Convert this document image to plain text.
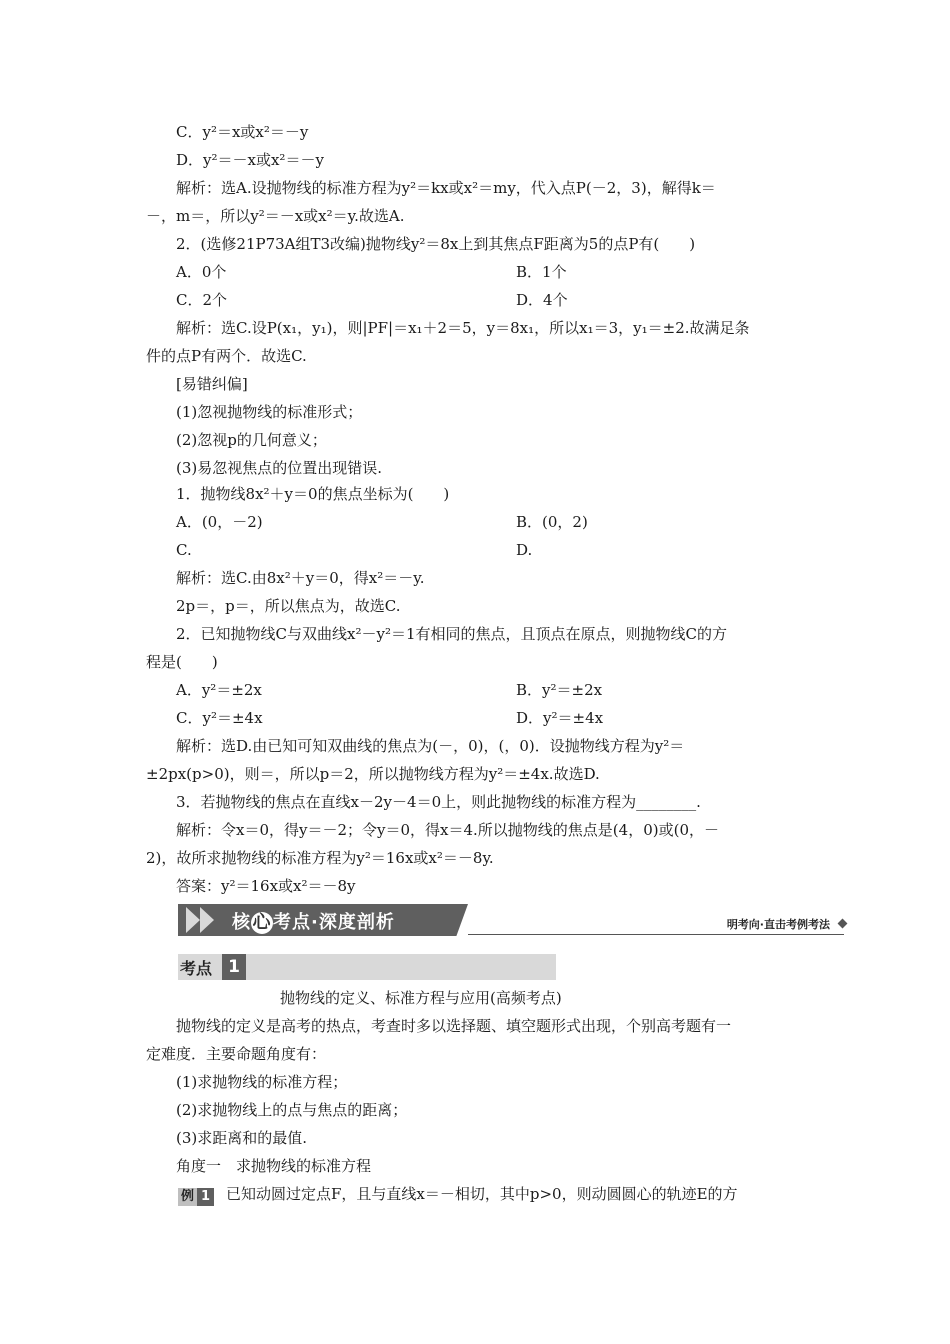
C．y²＝x或x²＝－y
D．y²＝－x或x²＝－y
解析：选A.设抛物线的标准方程为y²＝kx或x²＝my，代入点P(－2，3)，解得k＝
－，m＝，所以y²＝－x或x²＝y.故选A.
2．(选修21P73A组T3改编)抛物线y²＝8x上到其焦点F距离为5的点P有(　　)
A．0个	B．1个
C．2个	D．4个
解析：选C.设P(x₁，y₁)，则|PF|＝x₁＋2＝5，y＝8x₁，所以x₁＝3，y₁＝±2.故满足条
件的点P有两个．故选C.
[易错纠偏]
(1)忽视抛物线的标准形式；
(2)忽视p的几何意义；
(3)易忽视焦点的位置出现错误.
1．抛物线8x²＋y＝0的焦点坐标为(　　)
A．(0，－2)	B．(0，2)
C.	D.
解析：选C.由8x²＋y＝0，得x²＝－y.
2p＝，p＝，所以焦点为，故选C.
2．已知抛物线C与双曲线x²－y²＝1有相同的焦点，且顶点在原点，则抛物线C的方
程是(　　)
A．y²＝±2x	B．y²＝±2x
C．y²＝±4x	D．y²＝±4x
解析：选D.由已知可知双曲线的焦点为(－，0)，(，0)．设抛物线方程为y²＝
±2px(p>0)，则＝，所以p＝2，所以抛物线方程为y²＝±4x.故选D.
3．若抛物线的焦点在直线x－2y－4＝0上，则此抛物线的标准方程为________.
解析：令x＝0，得y＝－2；令y＝0，得x＝4.所以抛物线的焦点是(4，0)或(0，－
2)，故所求抛物线的标准方程为y²＝16x或x²＝－8y.
答案：y²＝16x或x²＝－8y
核心考点·深度剖析	明考向·直击考例考法
考点 1
抛物线的定义、标准方程与应用(高频考点)
抛物线的定义是高考的热点，考查时多以选择题、填空题形式出现，个别高考题有一
定难度．主要命题角度有：
(1)求抛物线的标准方程；
(2)求抛物线上的点与焦点的距离；
(3)求距离和的最值.
角度一　求抛物线的标准方程
例 1 已知动圆过定点F，且与直线x＝－相切，其中p>0，则动圆圆心的轨迹E的方
